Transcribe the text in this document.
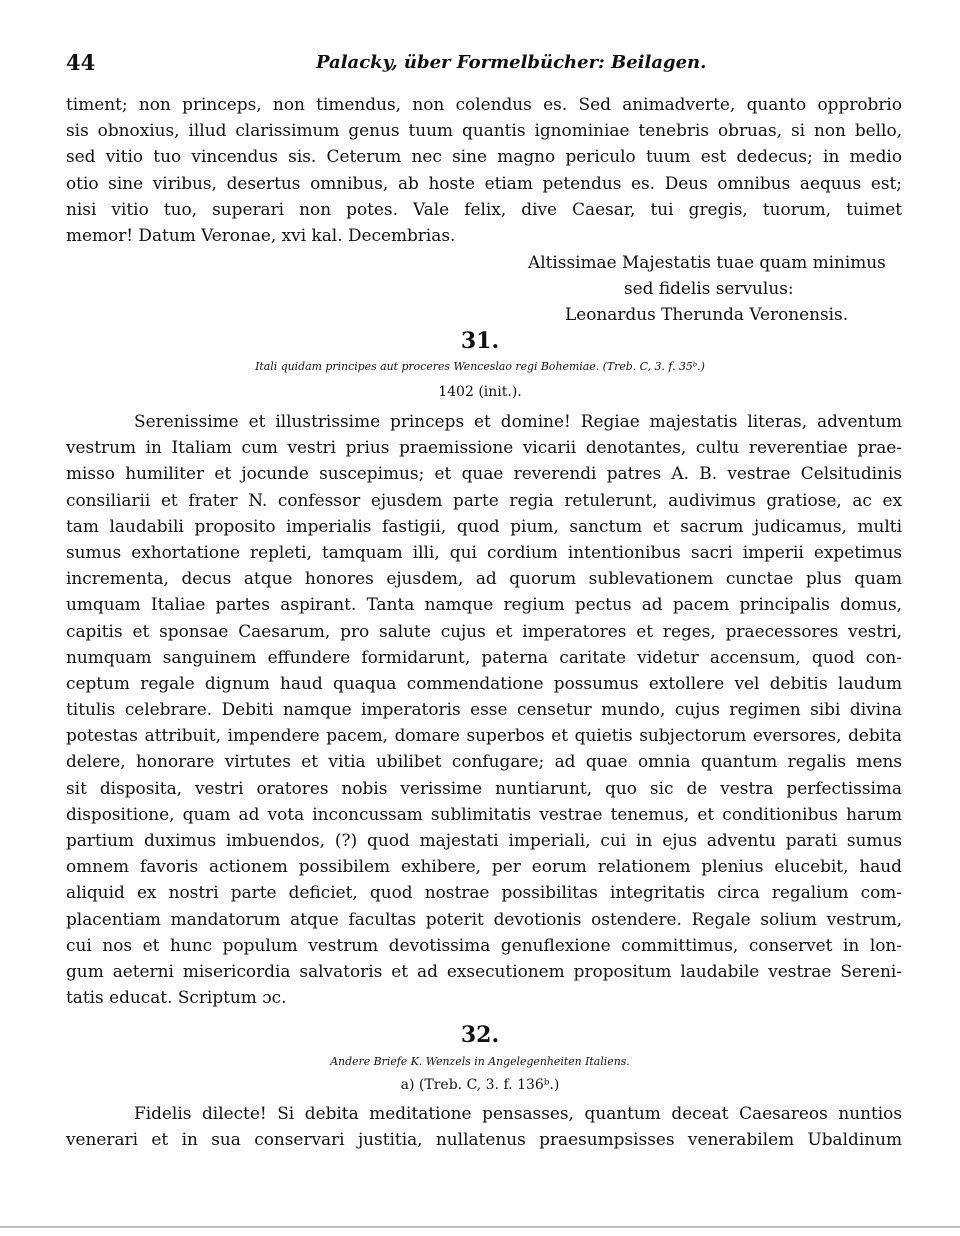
44	Palacky, über Formelbücher: Beilagen.
timent; non princeps, non timendus, non colendus es. Sed animadverte, quanto opprobrio
sis obnoxius, illud clarissimum genus tuum quantis ignominiae tenebris obruas, si non bello,
sed vitio tuo vincendus sis. Ceterum nec sine magno periculo tuum est dedecus; in medio
otio sine viribus, desertus omnibus, ab hoste etiam petendus es. Deus omnibus aequus est;
nisi vitio tuo, superari non potes. Vale felix, dive Caesar, tui gregis, tuorum, tuimet
memor! Datum Veronae, xvi kal. Decembrias.
Altissimae Majestatis tuae quam minimus
sed fidelis servulus:
Leonardus Therunda Veronensis.
31.
Itali quidam principes aut proceres Wenceslao regi Bohemiae. (Treb. C, 3. f. 35ᵇ.)
1402 (init.).
Serenissime et illustrissime princeps et domine! Regiae majestatis literas, adventum
vestrum in Italiam cum vestri prius praemissione vicarii denotantes, cultu reverentiae prae-
misso humiliter et jocunde suscepimus; et quae reverendi patres A. B. vestrae Celsitudinis
consiliarii et frater N. confessor ejusdem parte regia retulerunt, audivimus gratiose, ac ex
tam laudabili proposito imperialis fastigii, quod pium, sanctum et sacrum judicamus, multi
sumus exhortatione repleti, tamquam illi, qui cordium intentionibus sacri imperii expetimus
incrementa, decus atque honores ejusdem, ad quorum sublevationem cunctae plus quam
umquam Italiae partes aspirant. Tanta namque regium pectus ad pacem principalis domus,
capitis et sponsae Caesarum, pro salute cujus et imperatores et reges, praecessores vestri,
numquam sanguinem effundere formidarunt, paterna caritate videtur accensum, quod con-
ceptum regale dignum haud quaqua commendatione possumus extollere vel debitis laudum
titulis celebrare. Debiti namque imperatoris esse censetur mundo, cujus regimen sibi divina
potestas attribuit, impendere pacem, domare superbos et quietis subjectorum eversores, debita
delere, honorare virtutes et vitia ubilibet confugare; ad quae omnia quantum regalis mens
sit disposita, vestri oratores nobis verissime nuntiarunt, quo sic de vestra perfectissima
dispositione, quam ad vota inconcussam sublimitatis vestrae tenemus, et conditionibus harum
partium duximus imbuendos, (?) quod majestati imperiali, cui in ejus adventu parati sumus
omnem favoris actionem possibilem exhibere, per eorum relationem plenius elucebit, haud
aliquid ex nostri parte deficiet, quod nostrae possibilitas integritatis circa regalium com-
placentiam mandatorum atque facultas poterit devotionis ostendere. Regale solium vestrum,
cui nos et hunc populum vestrum devotissima genuflexione committimus, conservet in lon-
gum aeterni misericordia salvatoris et ad exsecutionem propositum laudabile vestrae Sereni-
tatis educat. Scriptum ɔc.
32.
Andere Briefe K. Wenzels in Angelegenheiten Italiens.
a) (Treb. C, 3. f. 136ᵇ.)
Fidelis dilecte! Si debita meditatione pensasses, quantum deceat Caesareos nuntios
venerari et in sua conservari justitia, nullatenus praesumpsisses venerabilem Ubaldinum
